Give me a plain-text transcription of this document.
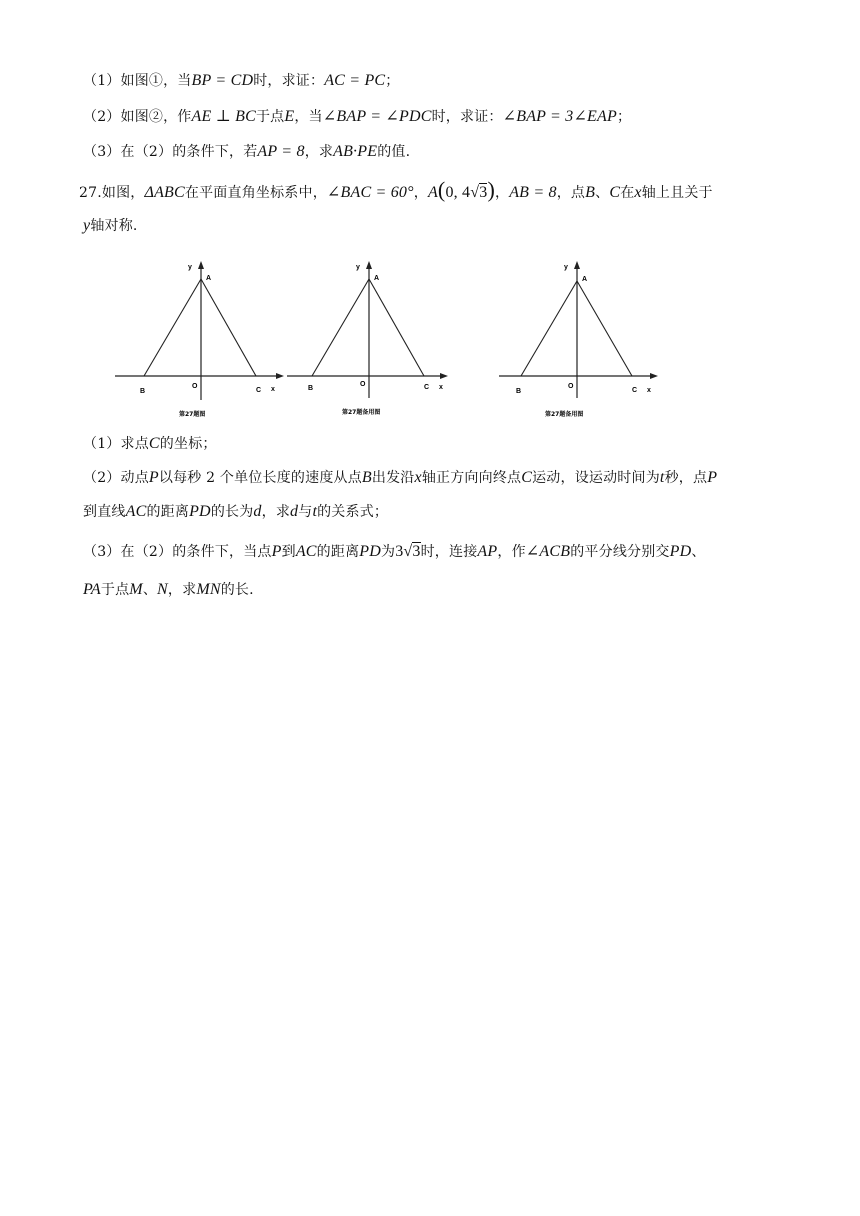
（1）如图①，当BP = CD时，求证：AC = PC；
（2）如图②，作AE ⊥ BC于点E，当∠BAP = ∠PDC时，求证：∠BAP = 3∠EAP；
（3）在（2）的条件下，若AP = 8，求AB·PE的值.
27.如图，ΔABC在平面直角坐标系中，∠BAC = 60°，A(0, 4√3)，AB = 8，点B、C在x轴上且关于
y轴对称.
y
A
B
O
C x
第27题图
y
A
B
O	C x
第27题备用图
y
A
B
O
C x
第27题备用图
（1）求点C的坐标；
（2）动点P以每秒 2 个单位长度的速度从点B出发沿x轴正方向向终点C运动，设运动时间为t秒，点P
到直线AC的距离PD的长为d，求d与t的关系式；
（3）在（2）的条件下，当点P到AC的距离PD为3√3时，连接AP，作∠ACB的平分线分别交PD、
PA于点M、N，求MN的长.
